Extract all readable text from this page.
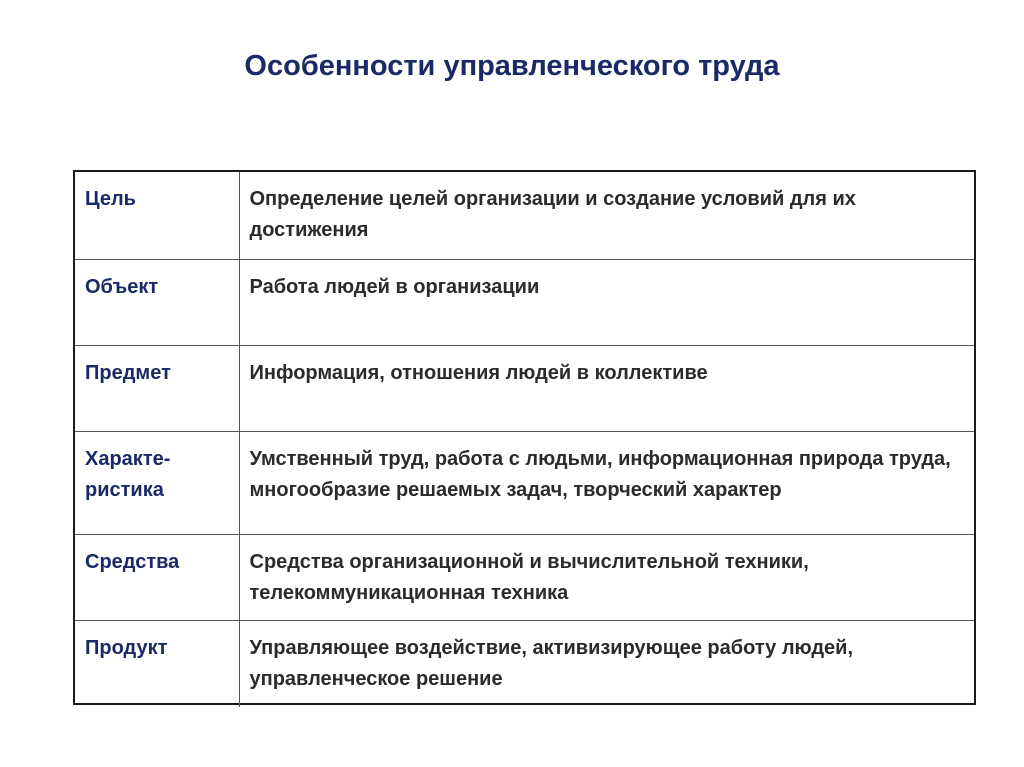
Особенности управленческого труда
Цель	Определение целей организации и создание условий для их достижения
Объект	Работа людей в организации
Предмет	Информация, отношения людей в коллективе
Характе-
ристика	Умственный труд, работа с людьми, информационная природа труда, многообразие решаемых задач, творческий характер
Средства	Средства организационной и вычислительной техники, телекоммуникационная техника
Продукт	Управляющее воздействие, активизирующее работу людей, управленческое решение
